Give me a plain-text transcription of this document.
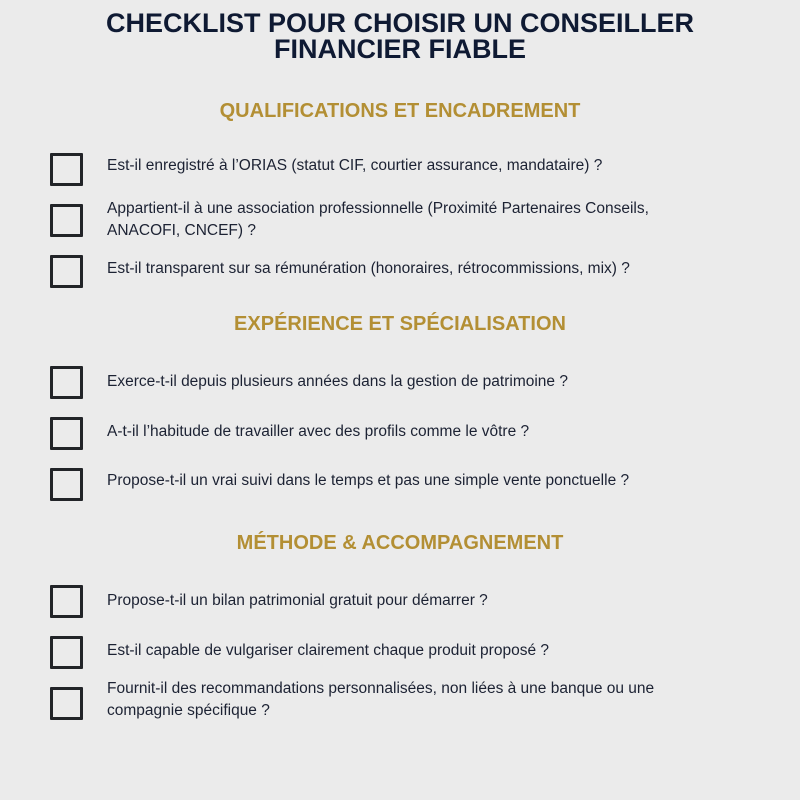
CHECKLIST POUR CHOISIR UN CONSEILLER
FINANCIER FIABLE
QUALIFICATIONS ET ENCADREMENT
Est-il enregistré à l’ORIAS (statut CIF, courtier assurance, mandataire) ?
Appartient-il à une association professionnelle (Proximité Partenaires Conseils, ANACOFI, CNCEF) ?
Est-il transparent sur sa rémunération (honoraires, rétrocommissions, mix) ?
EXPÉRIENCE ET SPÉCIALISATION
Exerce-t-il depuis plusieurs années dans la gestion de patrimoine ?
A-t-il l’habitude de travailler avec des profils comme le vôtre ?
Propose-t-il un vrai suivi dans le temps et pas une simple vente ponctuelle ?
MÉTHODE & ACCOMPAGNEMENT
Propose-t-il un bilan patrimonial gratuit pour démarrer ?
Est-il capable de vulgariser clairement chaque produit proposé ?
Fournit-il des recommandations personnalisées, non liées à une banque ou une compagnie spécifique ?
